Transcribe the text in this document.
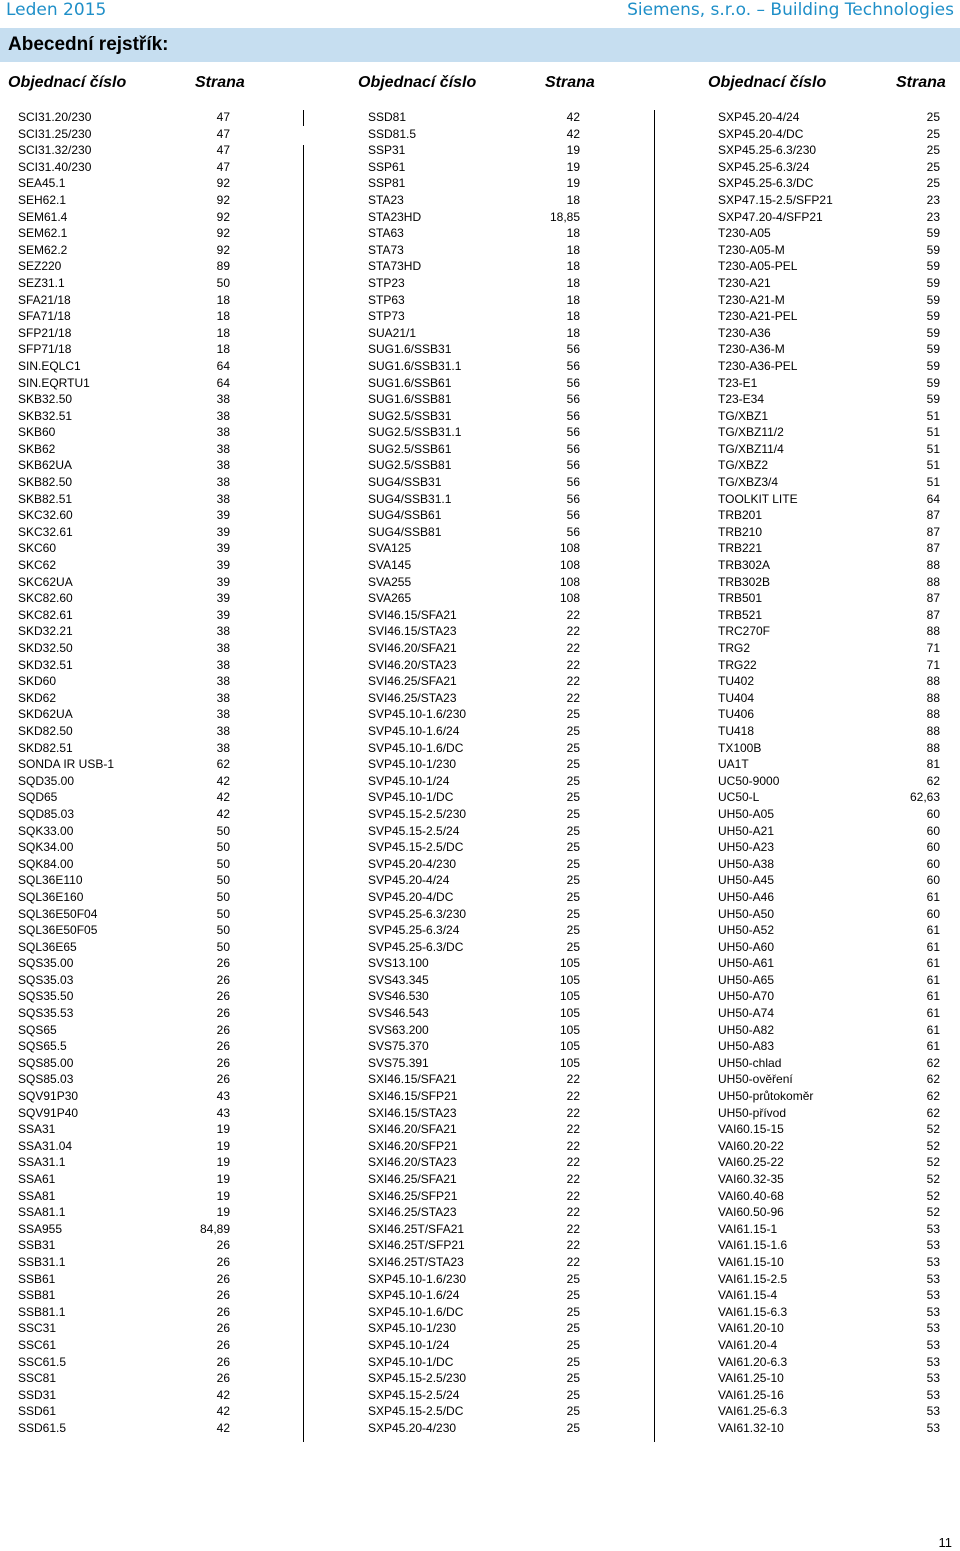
Leden 2015	Siemens, s.r.o. – Building Technologies
Abecední rejstřík:
Objednací číslo	Strana	Objednací číslo	Strana	Objednací číslo	Strana
SCI31.20/230	47
SCI31.25/230	47
SCI31.32/230	47
SCI31.40/230	47
SEA45.1	92
SEH62.1	92
SEM61.4	92
SEM62.1	92
SEM62.2	92
SEZ220	89
SEZ31.1	50
SFA21/18	18
SFA71/18	18
SFP21/18	18
SFP71/18	18
SIN.EQLC1	64
SIN.EQRTU1	64
SKB32.50	38
SKB32.51	38
SKB60	38
SKB62	38
SKB62UA	38
SKB82.50	38
SKB82.51	38
SKC32.60	39
SKC32.61	39
SKC60	39
SKC62	39
SKC62UA	39
SKC82.60	39
SKC82.61	39
SKD32.21	38
SKD32.50	38
SKD32.51	38
SKD60	38
SKD62	38
SKD62UA	38
SKD82.50	38
SKD82.51	38
SONDA IR USB-1	62
SQD35.00	42
SQD65	42
SQD85.03	42
SQK33.00	50
SQK34.00	50
SQK84.00	50
SQL36E110	50
SQL36E160	50
SQL36E50F04	50
SQL36E50F05	50
SQL36E65	50
SQS35.00	26
SQS35.03	26
SQS35.50	26
SQS35.53	26
SQS65	26
SQS65.5	26
SQS85.00	26
SQS85.03	26
SQV91P30	43
SQV91P40	43
SSA31	19
SSA31.04	19
SSA31.1	19
SSA61	19
SSA81	19
SSA81.1	19
SSA955	84,89
SSB31	26
SSB31.1	26
SSB61	26
SSB81	26
SSB81.1	26
SSC31	26
SSC61	26
SSC61.5	26
SSC81	26
SSD31	42
SSD61	42
SSD61.5	42
SSD81	42
SSD81.5	42
SSP31	19
SSP61	19
SSP81	19
STA23	18
STA23HD	18,85
STA63	18
STA73	18
STA73HD	18
STP23	18
STP63	18
STP73	18
SUA21/1	18
SUG1.6/SSB31	56
SUG1.6/SSB31.1	56
SUG1.6/SSB61	56
SUG1.6/SSB81	56
SUG2.5/SSB31	56
SUG2.5/SSB31.1	56
SUG2.5/SSB61	56
SUG2.5/SSB81	56
SUG4/SSB31	56
SUG4/SSB31.1	56
SUG4/SSB61	56
SUG4/SSB81	56
SVA125	108
SVA145	108
SVA255	108
SVA265	108
SVI46.15/SFA21	22
SVI46.15/STA23	22
SVI46.20/SFA21	22
SVI46.20/STA23	22
SVI46.25/SFA21	22
SVI46.25/STA23	22
SVP45.10-1.6/230	25
SVP45.10-1.6/24	25
SVP45.10-1.6/DC	25
SVP45.10-1/230	25
SVP45.10-1/24	25
SVP45.10-1/DC	25
SVP45.15-2.5/230	25
SVP45.15-2.5/24	25
SVP45.15-2.5/DC	25
SVP45.20-4/230	25
SVP45.20-4/24	25
SVP45.20-4/DC	25
SVP45.25-6.3/230	25
SVP45.25-6.3/24	25
SVP45.25-6.3/DC	25
SVS13.100	105
SVS43.345	105
SVS46.530	105
SVS46.543	105
SVS63.200	105
SVS75.370	105
SVS75.391	105
SXI46.15/SFA21	22
SXI46.15/SFP21	22
SXI46.15/STA23	22
SXI46.20/SFA21	22
SXI46.20/SFP21	22
SXI46.20/STA23	22
SXI46.25/SFA21	22
SXI46.25/SFP21	22
SXI46.25/STA23	22
SXI46.25T/SFA21	22
SXI46.25T/SFP21	22
SXI46.25T/STA23	22
SXP45.10-1.6/230	25
SXP45.10-1.6/24	25
SXP45.10-1.6/DC	25
SXP45.10-1/230	25
SXP45.10-1/24	25
SXP45.10-1/DC	25
SXP45.15-2.5/230	25
SXP45.15-2.5/24	25
SXP45.15-2.5/DC	25
SXP45.20-4/230	25
SXP45.20-4/24	25
SXP45.20-4/DC	25
SXP45.25-6.3/230	25
SXP45.25-6.3/24	25
SXP45.25-6.3/DC	25
SXP47.15-2.5/SFP21	23
SXP47.20-4/SFP21	23
T230-A05	59
T230-A05-M	59
T230-A05-PEL	59
T230-A21	59
T230-A21-M	59
T230-A21-PEL	59
T230-A36	59
T230-A36-M	59
T230-A36-PEL	59
T23-E1	59
T23-E34	59
TG/XBZ1	51
TG/XBZ11/2	51
TG/XBZ11/4	51
TG/XBZ2	51
TG/XBZ3/4	51
TOOLKIT LITE	64
TRB201	87
TRB210	87
TRB221	87
TRB302A	88
TRB302B	88
TRB501	87
TRB521	87
TRC270F	88
TRG2	71
TRG22	71
TU402	88
TU404	88
TU406	88
TU418	88
TX100B	88
UA1T	81
UC50-9000	62
UC50-L	62,63
UH50-A05	60
UH50-A21	60
UH50-A23	60
UH50-A38	60
UH50-A45	60
UH50-A46	61
UH50-A50	60
UH50-A52	61
UH50-A60	61
UH50-A61	61
UH50-A65	61
UH50-A70	61
UH50-A74	61
UH50-A82	61
UH50-A83	61
UH50-chlad	62
UH50-ověření	62
UH50-průtokoměr	62
UH50-přívod	62
VAI60.15-15	52
VAI60.20-22	52
VAI60.25-22	52
VAI60.32-35	52
VAI60.40-68	52
VAI60.50-96	52
VAI61.15-1	53
VAI61.15-1.6	53
VAI61.15-10	53
VAI61.15-2.5	53
VAI61.15-4	53
VAI61.15-6.3	53
VAI61.20-10	53
VAI61.20-4	53
VAI61.20-6.3	53
VAI61.25-10	53
VAI61.25-16	53
VAI61.25-6.3	53
VAI61.32-10	53
11
